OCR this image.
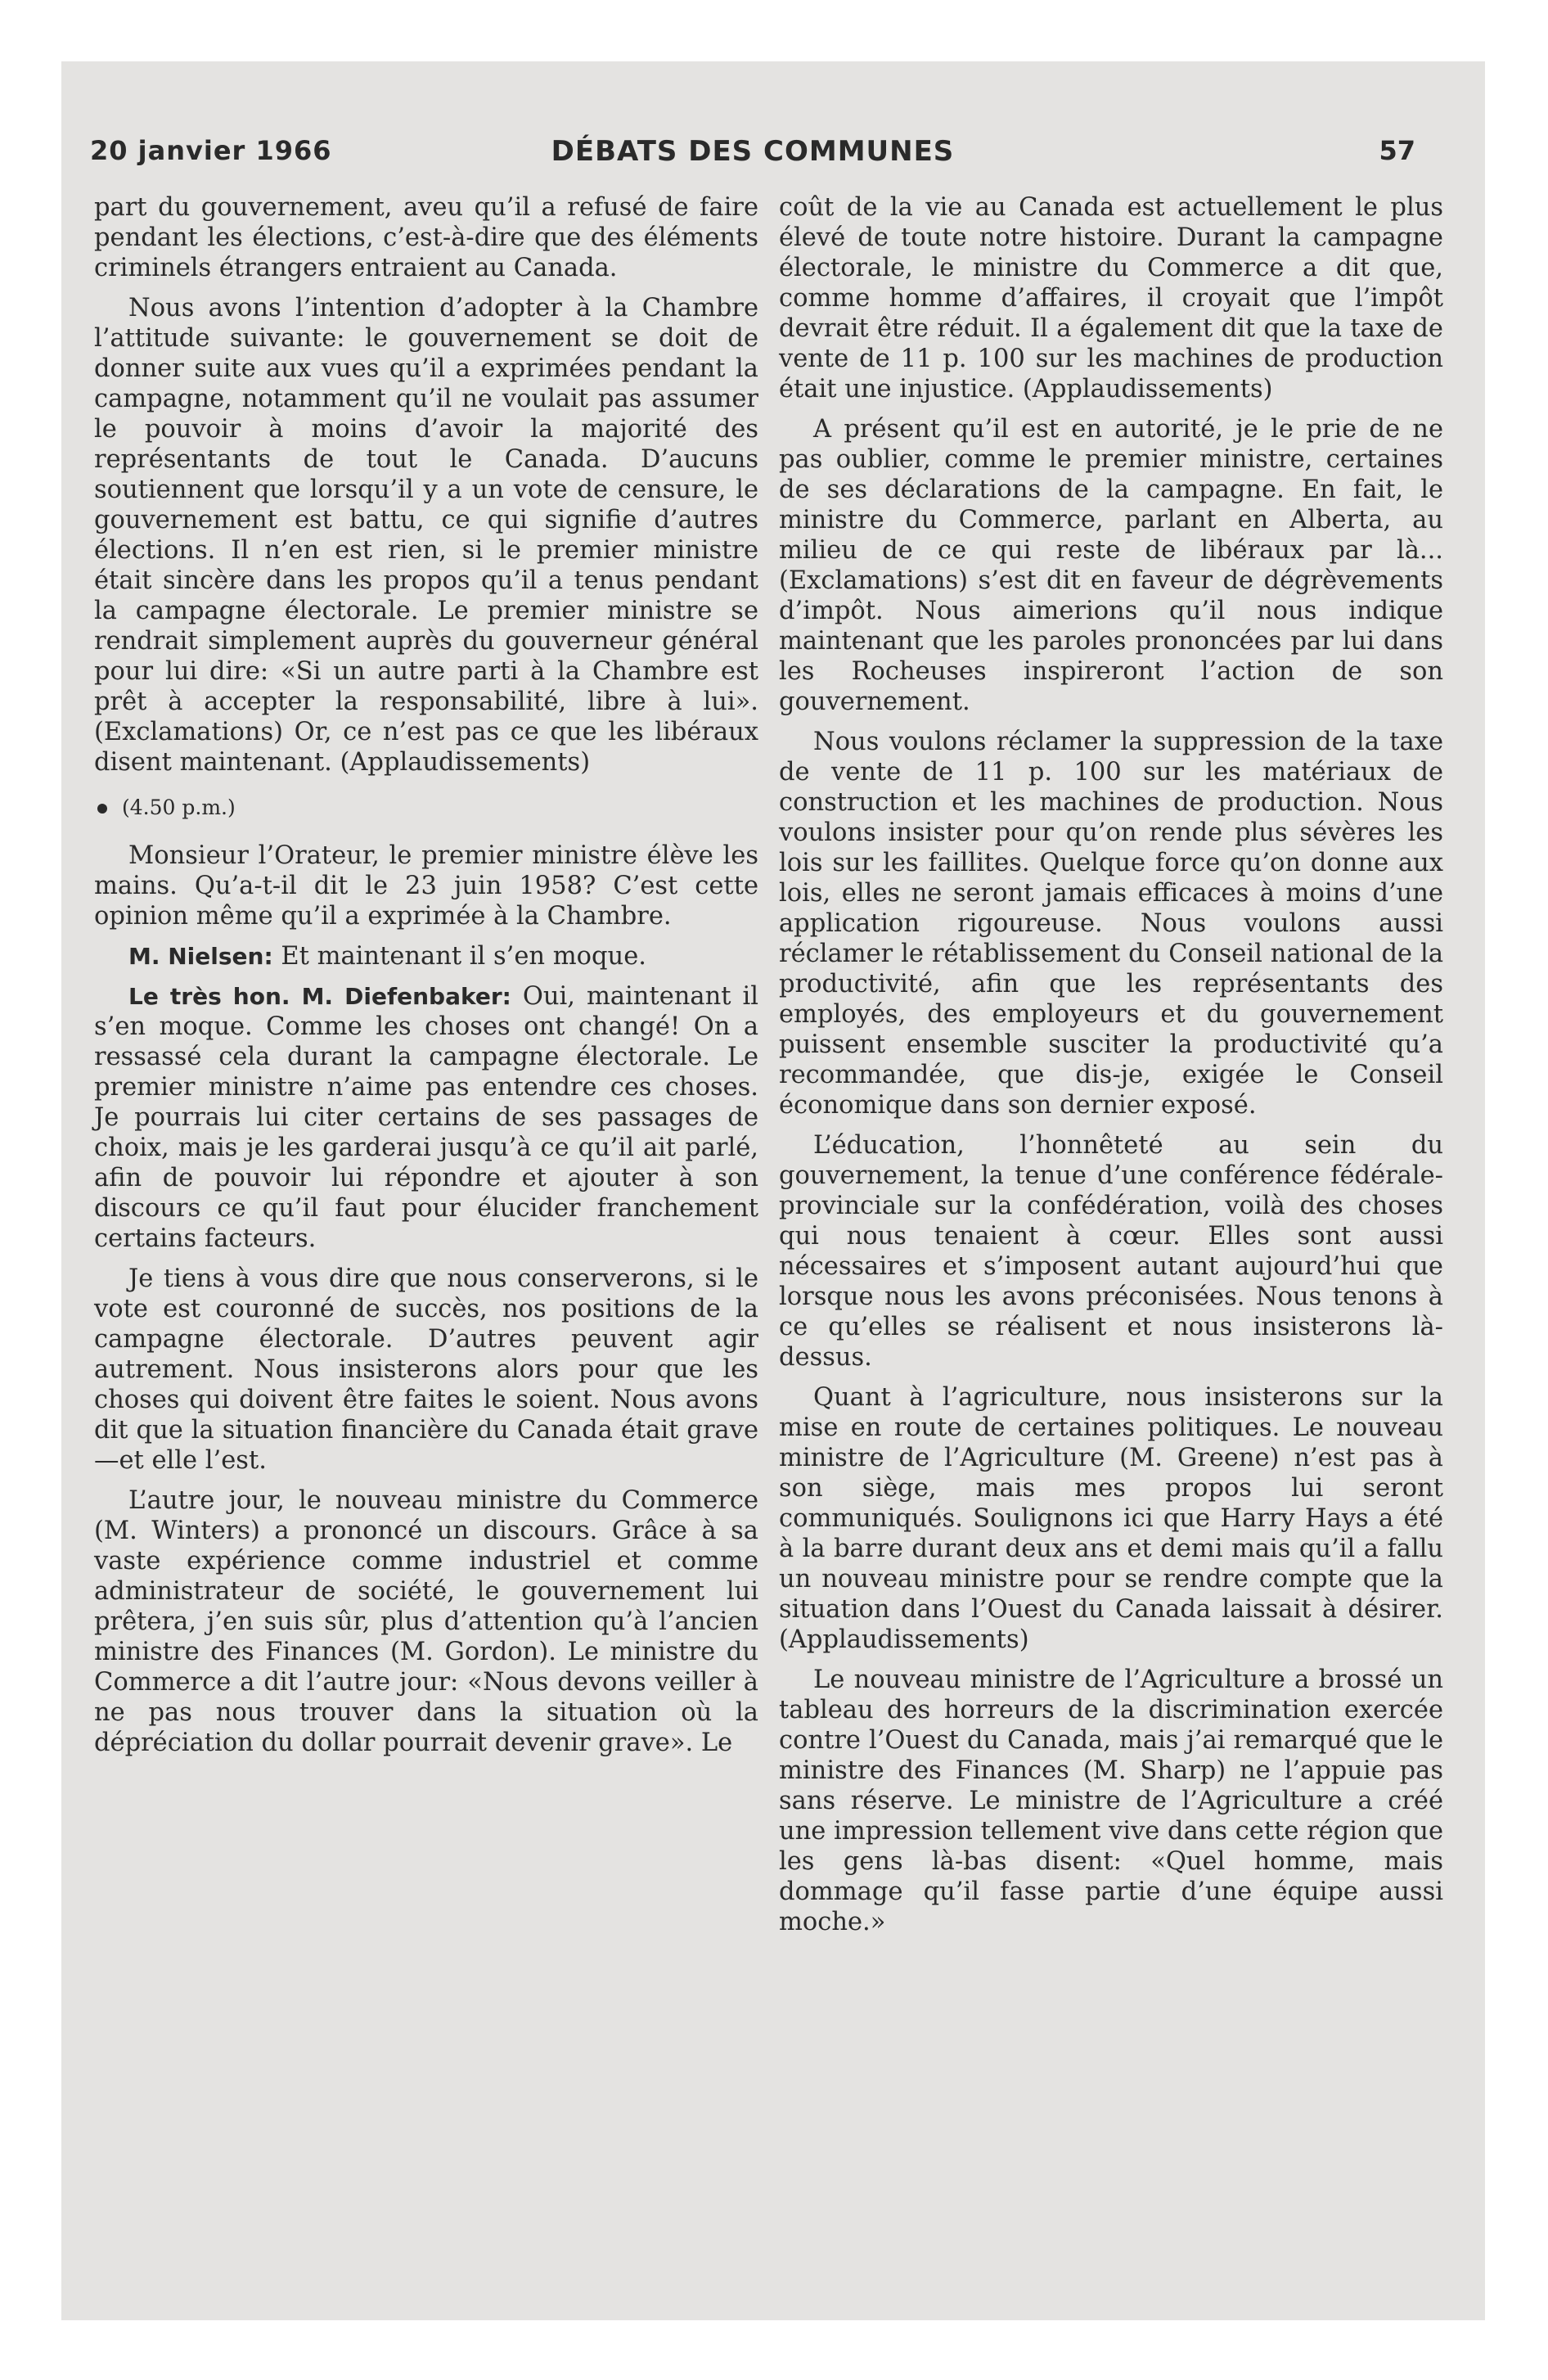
20 janvier 1966	DÉBATS DES COMMUNES	57

part du gouvernement, aveu qu’il a refusé de faire pendant les élections, c’est-à-dire que des éléments criminels étrangers entraient au Canada.

Nous avons l’intention d’adopter à la Chambre l’attitude suivante: le gouvernement se doit de donner suite aux vues qu’il a exprimées pendant la campagne, notamment qu’il ne voulait pas assumer le pouvoir à moins d’avoir la majorité des représentants de tout le Canada. D’aucuns soutiennent que lorsqu’il y a un vote de censure, le gouvernement est battu, ce qui signifie d’autres élections. Il n’en est rien, si le premier ministre était sincère dans les propos qu’il a tenus pendant la campagne électorale. Le premier ministre se rendrait simplement auprès du gouverneur général pour lui dire: «Si un autre parti à la Chambre est prêt à accepter la responsabilité, libre à lui». (Exclamations) Or, ce n’est pas ce que les libéraux disent maintenant. (Applaudissements)

(4.50 p.m.)

Monsieur l’Orateur, le premier ministre élève les mains. Qu’a-t-il dit le 23 juin 1958? C’est cette opinion même qu’il a exprimée à la Chambre.

M. Nielsen: Et maintenant il s’en moque.

Le très hon. M. Diefenbaker: Oui, maintenant il s’en moque. Comme les choses ont changé! On a ressassé cela durant la campagne électorale. Le premier ministre n’aime pas entendre ces choses. Je pourrais lui citer certains de ses passages de choix, mais je les garderai jusqu’à ce qu’il ait parlé, afin de pouvoir lui répondre et ajouter à son discours ce qu’il faut pour élucider franchement certains facteurs.

Je tiens à vous dire que nous conserverons, si le vote est couronné de succès, nos positions de la campagne électorale. D’autres peuvent agir autrement. Nous insisterons alors pour que les choses qui doivent être faites le soient. Nous avons dit que la situation financière du Canada était grave—et elle l’est.

L’autre jour, le nouveau ministre du Commerce (M. Winters) a prononcé un discours. Grâce à sa vaste expérience comme industriel et comme administrateur de société, le gouvernement lui prêtera, j’en suis sûr, plus d’attention qu’à l’ancien ministre des Finances (M. Gordon). Le ministre du Commerce a dit l’autre jour: «Nous devons veiller à ne pas nous trouver dans la situation où la dépréciation du dollar pourrait devenir grave». Le

coût de la vie au Canada est actuellement le plus élevé de toute notre histoire. Durant la campagne électorale, le ministre du Commerce a dit que, comme homme d’affaires, il croyait que l’impôt devrait être réduit. Il a également dit que la taxe de vente de 11 p. 100 sur les machines de production était une injustice. (Applaudissements)

A présent qu’il est en autorité, je le prie de ne pas oublier, comme le premier ministre, certaines de ses déclarations de la campagne. En fait, le ministre du Commerce, parlant en Alberta, au milieu de ce qui reste de libéraux par là... (Exclamations) s’est dit en faveur de dégrèvements d’impôt. Nous aimerions qu’il nous indique maintenant que les paroles prononcées par lui dans les Rocheuses inspireront l’action de son gouvernement.

Nous voulons réclamer la suppression de la taxe de vente de 11 p. 100 sur les matériaux de construction et les machines de production. Nous voulons insister pour qu’on rende plus sévères les lois sur les faillites. Quelque force qu’on donne aux lois, elles ne seront jamais efficaces à moins d’une application rigoureuse. Nous voulons aussi réclamer le rétablissement du Conseil national de la productivité, afin que les représentants des employés, des employeurs et du gouvernement puissent ensemble susciter la productivité qu’a recommandée, que dis-je, exigée le Conseil économique dans son dernier exposé.

L’éducation, l’honnêteté au sein du gouvernement, la tenue d’une conférence fédérale-provinciale sur la confédération, voilà des choses qui nous tenaient à cœur. Elles sont aussi nécessaires et s’imposent autant aujourd’hui que lorsque nous les avons préconisées. Nous tenons à ce qu’elles se réalisent et nous insisterons là-dessus.

Quant à l’agriculture, nous insisterons sur la mise en route de certaines politiques. Le nouveau ministre de l’Agriculture (M. Greene) n’est pas à son siège, mais mes propos lui seront communiqués. Soulignons ici que Harry Hays a été à la barre durant deux ans et demi mais qu’il a fallu un nouveau ministre pour se rendre compte que la situation dans l’Ouest du Canada laissait à désirer. (Applaudissements)

Le nouveau ministre de l’Agriculture a brossé un tableau des horreurs de la discrimination exercée contre l’Ouest du Canada, mais j’ai remarqué que le ministre des Finances (M. Sharp) ne l’appuie pas sans réserve. Le ministre de l’Agriculture a créé une impression tellement vive dans cette région que les gens là-bas disent: «Quel homme, mais dommage qu’il fasse partie d’une équipe aussi moche.»
